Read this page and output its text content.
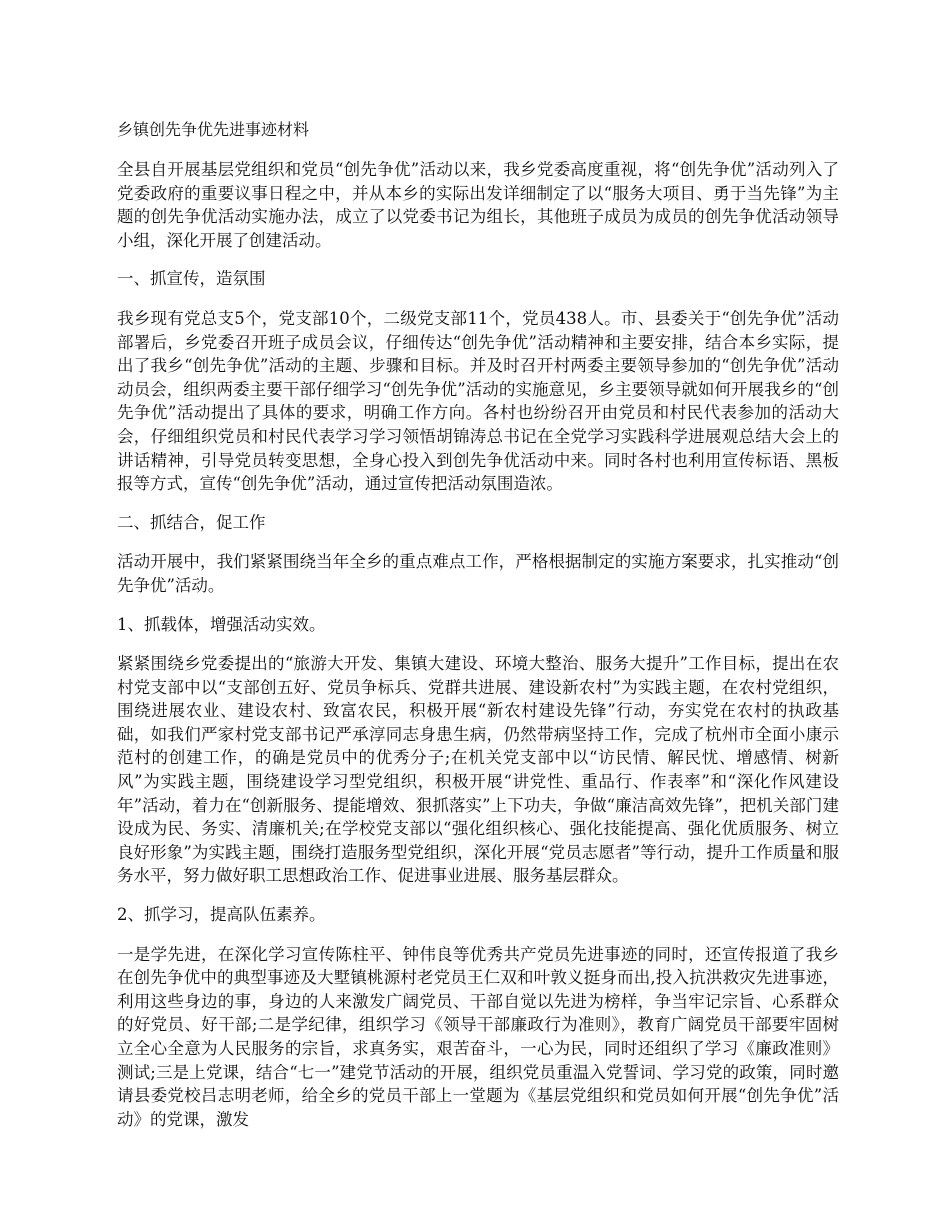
乡镇创先争优先进事迹材料

全县自开展基层党组织和党员“创先争优”活动以来，我乡党委高度重视，将“创先争优”活动列入了党委政府的重要议事日程之中，并从本乡的实际出发详细制定了以“服务大项目、勇于当先锋”为主题的创先争优活动实施办法，成立了以党委书记为组长，其他班子成员为成员的创先争优活动领导小组，深化开展了创建活动。

一、抓宣传，造氛围

我乡现有党总支5个，党支部10个，二级党支部11个，党员438人。市、县委关于“创先争优”活动部署后，乡党委召开班子成员会议，仔细传达“创先争优”活动精神和主要安排，结合本乡实际，提出了我乡“创先争优”活动的主题、步骤和目标。并及时召开村两委主要领导参加的“创先争优”活动动员会，组织两委主要干部仔细学习“创先争优”活动的实施意见，乡主要领导就如何开展我乡的“创先争优”活动提出了具体的要求，明确工作方向。各村也纷纷召开由党员和村民代表参加的活动大会，仔细组织党员和村民代表学习学习领悟胡锦涛总书记在全党学习实践科学进展观总结大会上的讲话精神，引导党员转变思想，全身心投入到创先争优活动中来。同时各村也利用宣传标语、黑板报等方式，宣传“创先争优”活动，通过宣传把活动氛围造浓。

二、抓结合，促工作

活动开展中，我们紧紧围绕当年全乡的重点难点工作，严格根据制定的实施方案要求，扎实推动“创先争优”活动。

1、抓载体，增强活动实效。

紧紧围绕乡党委提出的“旅游大开发、集镇大建设、环境大整治、服务大提升”工作目标，提出在农村党支部中以“支部创五好、党员争标兵、党群共进展、建设新农村”为实践主题，在农村党组织，围绕进展农业、建设农村、致富农民，积极开展“新农村建设先锋”行动，夯实党在农村的执政基础，如我们严家村党支部书记严承淳同志身患生病，仍然带病坚持工作，完成了杭州市全面小康示范村的创建工作，的确是党员中的优秀分子;在机关党支部中以“访民情、解民忧、增感情、树新风”为实践主题，围绕建设学习型党组织，积极开展“讲党性、重品行、作表率”和“深化作风建设年”活动，着力在“创新服务、提能增效、狠抓落实”上下功夫，争做“廉洁高效先锋”，把机关部门建设成为民、务实、清廉机关;在学校党支部以“强化组织核心、强化技能提高、强化优质服务、树立良好形象”为实践主题，围绕打造服务型党组织，深化开展“党员志愿者”等行动，提升工作质量和服务水平，努力做好职工思想政治工作、促进事业进展、服务基层群众。

2、抓学习，提高队伍素养。

一是学先进，在深化学习宣传陈柱平、钟伟良等优秀共产党员先进事迹的同时，还宣传报道了我乡在创先争优中的典型事迹及大墅镇桃源村老党员王仁双和叶敦义挺身而出,投入抗洪救灾先进事迹，利用这些身边的事，身边的人来激发广阔党员、干部自觉以先进为榜样，争当牢记宗旨、心系群众的好党员、好干部;二是学纪律，组织学习《领导干部廉政行为准则》，教育广阔党员干部要牢固树立全心全意为人民服务的宗旨，求真务实，艰苦奋斗，一心为民，同时还组织了学习《廉政准则》测试;三是上党课，结合“七一”建党节活动的开展，组织党员重温入党誓词、学习党的政策，同时邀请县委党校吕志明老师，给全乡的党员干部上一堂题为《基层党组织和党员如何开展“创先争优”活动》的党课，激发
